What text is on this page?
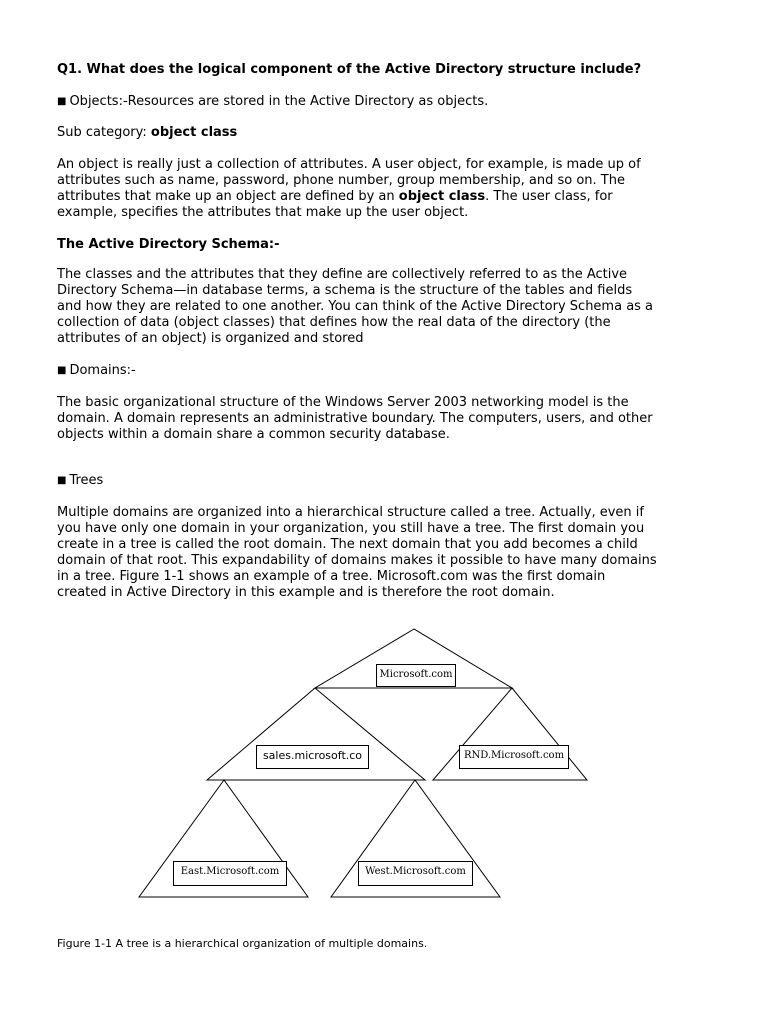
Q1. What does the logical component of the Active Directory structure include?

■ Objects:-Resources are stored in the Active Directory as objects.

Sub category: object class

An object is really just a collection of attributes. A user object, for example, is made up of attributes such as name, password, phone number, group membership, and so on. The attributes that make up an object are defined by an object class. The user class, for example, specifies the attributes that make up the user object.

The Active Directory Schema:-

The classes and the attributes that they define are collectively referred to as the Active Directory Schema—in database terms, a schema is the structure of the tables and fields and how they are related to one another. You can think of the Active Directory Schema as a collection of data (object classes) that defines how the real data of the directory (the attributes of an object) is organized and stored

■ Domains:-

The basic organizational structure of the Windows Server 2003 networking model is the domain. A domain represents an administrative boundary. The computers, users, and other objects within a domain share a common security database.

■ Trees

Multiple domains are organized into a hierarchical structure called a tree. Actually, even if you have only one domain in your organization, you still have a tree. The first domain you create in a tree is called the root domain. The next domain that you add becomes a child domain of that root. This expandability of domains makes it possible to have many domains in a tree. Figure 1-1 shows an example of a tree. Microsoft.com was the first domain created in Active Directory in this example and is therefore the root domain.

Microsoft.com
sales.microsoft.co	RND.Microsoft.com
East.Microsoft.com	West.Microsoft.com
Figure 1-1 A tree is a hierarchical organization of multiple domains.
